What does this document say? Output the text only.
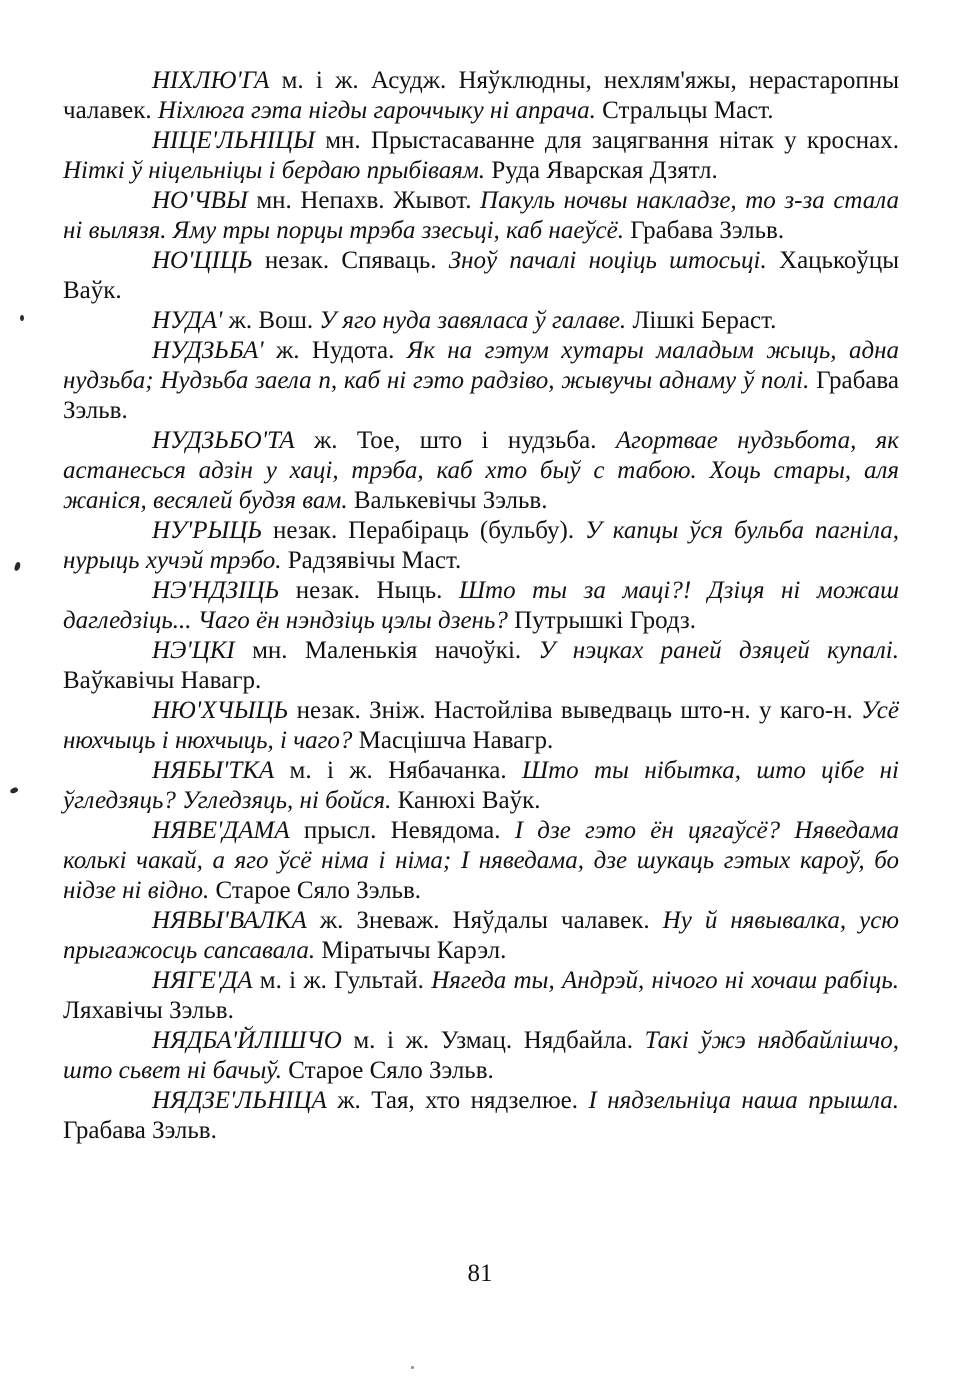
НІХЛЮ'ГА м. і ж. Асудж. Няўклюдны, нехлям'яжы, нерастаропны чалавек. Ніхлюга гэта нігды гароччыку ні апрача. Стральцы Маст.

НІЦЕ'ЛЬНІЦЫ мн. Прыстасаванне для зацягвання нітак у кроснах. Ніткі ў ніцельніцы і бердаю прыбіваям. Руда Яварская Дзятл.

НО'ЧВЫ мн. Непахв. Жывот. Пакуль ночвы накладзе, то з-за стала ні вылязя. Яму тры порцы трэба ззесьці, каб наеўсё. Грабава Зэльв.

НО'ЦІЦЬ незак. Спяваць. Зноў пачалі ноціць штосьці. Хацькоўцы Ваўк.

НУДА' ж. Вош. У яго нуда завяласа ў галаве. Лішкі Бераст.

НУДЗЬБА' ж. Нудота. Як на гэтум хутары маладым жыць, адна нудзьба; Нудзьба заела п, каб ні гэто радзіво, жывучы аднаму ў полі. Грабава Зэльв.

НУДЗЬБО'ТА ж. Тое, што і нудзьба. Агортвае нудзьбота, як астанесься адзін у хаці, трэба, каб хто быў с табою. Хоць стары, аля жаніся, весялей будзя вам. Валькевічы Зэльв.

НУ'РЫЦЬ незак. Перабіраць (бульбу). У капцы ўся бульба пагніла, нурыць хучэй трэбо. Радзявічы Маст.

НЭ'НДЗІЦЬ незак. Ныць. Што ты за маці?! Дзіця ні можаш дагледзіць... Чаго ён нэндзіць цэлы дзень? Путрышкі Гродз.

НЭ'ЦКІ мн. Маленькія начоўкі. У нэцках раней дзяцей купалі. Ваўкавічы Навагр.

НЮ'ХЧЫЦЬ незак. Зніж. Настойліва выведваць што-н. у каго-н. Усё нюхчыць і нюхчыць, і чаго? Масцішча Навагр.

НЯБЫ'ТКА м. і ж. Нябачанка. Што ты нібытка, што цібе ні ўгледзяць? Угледзяць, ні бойся. Канюхі Ваўк.

НЯВЕ'ДАМА прысл. Невядома. І дзе гэто ён цягаўсё? Няведама колькі чакай, а яго ўсё німа і німа; І няведама, дзе шукаць гэтых кароў, бо нідзе ні відно. Старое Сяло Зэльв.

НЯВЫ'ВАЛКА ж. Зневаж. Няўдалы чалавек. Ну й нявывалка, усю прыгажосць сапсавала. Міратычы Карэл.

НЯГЕ'ДА м. і ж. Гультай. Нягеда ты, Андрэй, нічого ні хочаш рабіць. Ляхавічы Зэльв.

НЯДБА'ЙЛІШЧО м. і ж. Узмац. Нядбайла. Такі ўжэ нядбайлішчо, што сьвет ні бачыў. Старое Сяло Зэльв.

НЯДЗЕ'ЛЬНІЦА ж. Тая, хто нядзелюе. І нядзельніца наша прышла. Грабава Зэльв.

81
